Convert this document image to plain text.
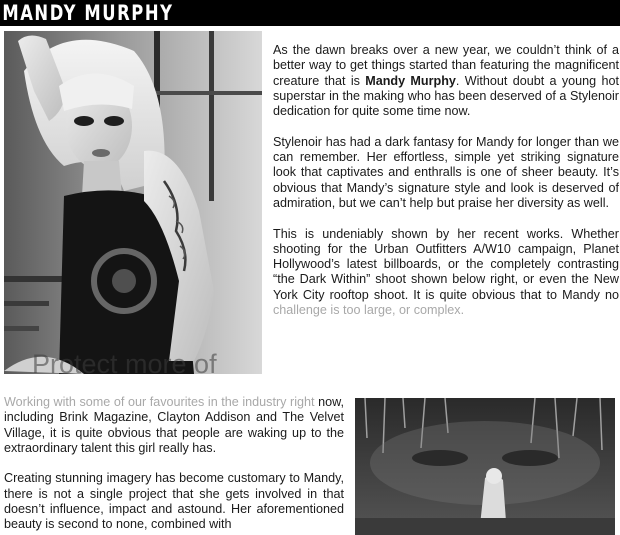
MANDY MURPHY
Protect more of

As the dawn breaks over a new year, we couldn’t think of a better way to get things started than featuring the magnificent creature that is Mandy Murphy. Without doubt a young hot superstar in the making who has been deserved of a Stylenoir dedication for quite some time now.

Stylenoir has had a dark fantasy for Mandy for longer than we can remember. Her effortless, simple yet striking signature look that captivates and enthralls is one of sheer beauty. It’s obvious that Mandy’s signature style and look is deserved of admiration, but we can’t help but praise her diversity as well.

This is undeniably shown by her recent works. Whether shooting for the Urban Outfitters A/W10 campaign, Planet Hollywood’s latest billboards, or the completely contrasting “the Dark Within” shoot shown below right, or even the New York City rooftop shoot. It is quite obvious that to Mandy no challenge is too large, or complex.

Working with some of our favourites in the industry right now, including Brink Magazine, Clayton Addison and The Velvet Village, it is quite obvious that people are waking up to the extraordinary talent this girl really has.

Creating stunning imagery has become customary to Mandy, there is not a single project that she gets involved in that doesn’t influence, impact and astound. Her aforementioned beauty is second to none, combined with
